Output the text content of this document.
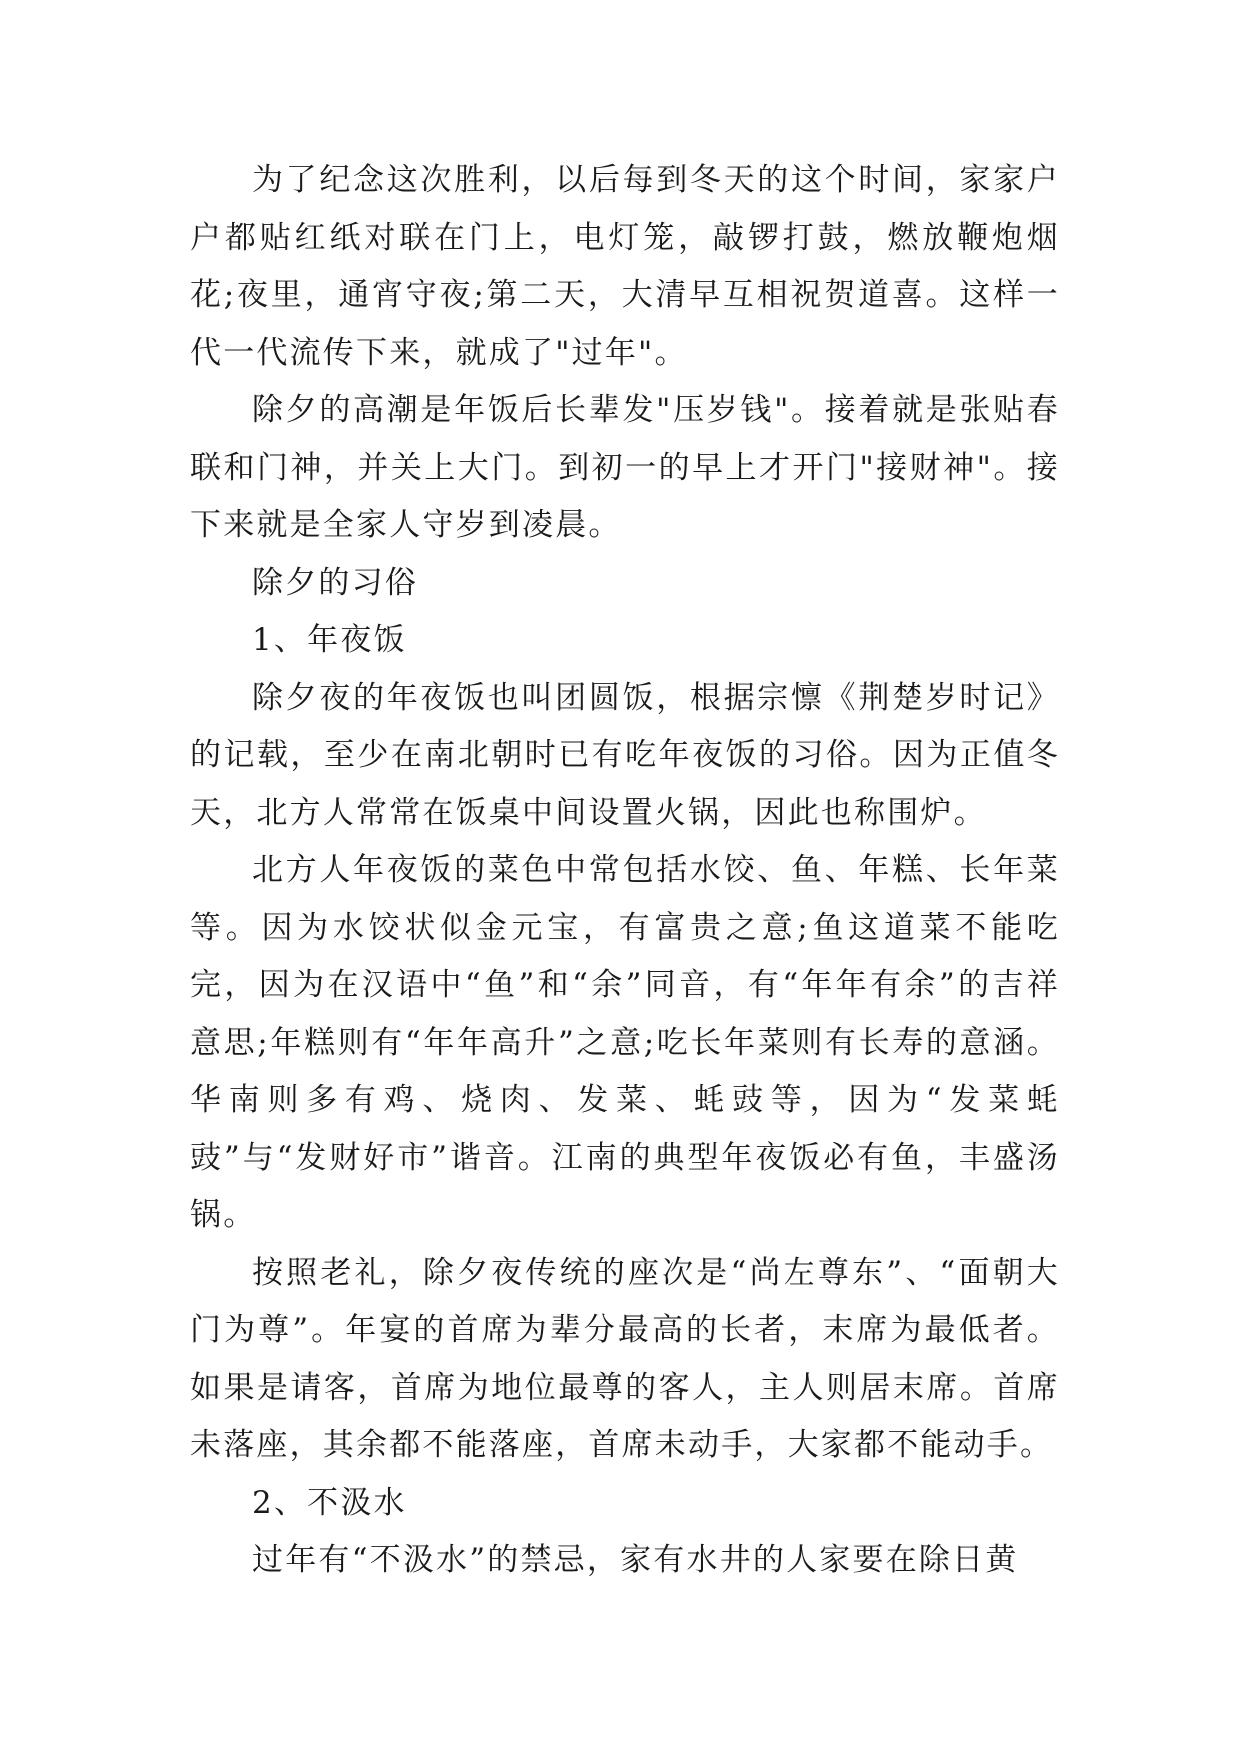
为了纪念这次胜利，以后每到冬天的这个时间，家家户户都贴红纸对联在门上，电灯笼，敲锣打鼓，燃放鞭炮烟花;夜里，通宵守夜;第二天，大清早互相祝贺道喜。这样一代一代流传下来，就成了"过年"。

除夕的高潮是年饭后长辈发"压岁钱"。接着就是张贴春联和门神，并关上大门。到初一的早上才开门"接财神"。接下来就是全家人守岁到凌晨。

除夕的习俗

1、年夜饭

除夕夜的年夜饭也叫团圆饭，根据宗懔《荆楚岁时记》的记载，至少在南北朝时已有吃年夜饭的习俗。因为正值冬天，北方人常常在饭桌中间设置火锅，因此也称围炉。

北方人年夜饭的菜色中常包括水饺、鱼、年糕、长年菜等。因为水饺状似金元宝，有富贵之意;鱼这道菜不能吃完，因为在汉语中“鱼”和“余”同音，有“年年有余”的吉祥意思;年糕则有“年年高升”之意;吃长年菜则有长寿的意涵。华南则多有鸡、烧肉、发菜、蚝豉等，因为“发菜蚝豉”与“发财好市”谐音。江南的典型年夜饭必有鱼，丰盛汤锅。

按照老礼，除夕夜传统的座次是“尚左尊东”、“面朝大门为尊”。年宴的首席为辈分最高的长者，末席为最低者。如果是请客，首席为地位最尊的客人，主人则居末席。首席未落座，其余都不能落座，首席未动手，大家都不能动手。

2、不汲水

过年有“不汲水”的禁忌，家有水井的人家要在除日黄
